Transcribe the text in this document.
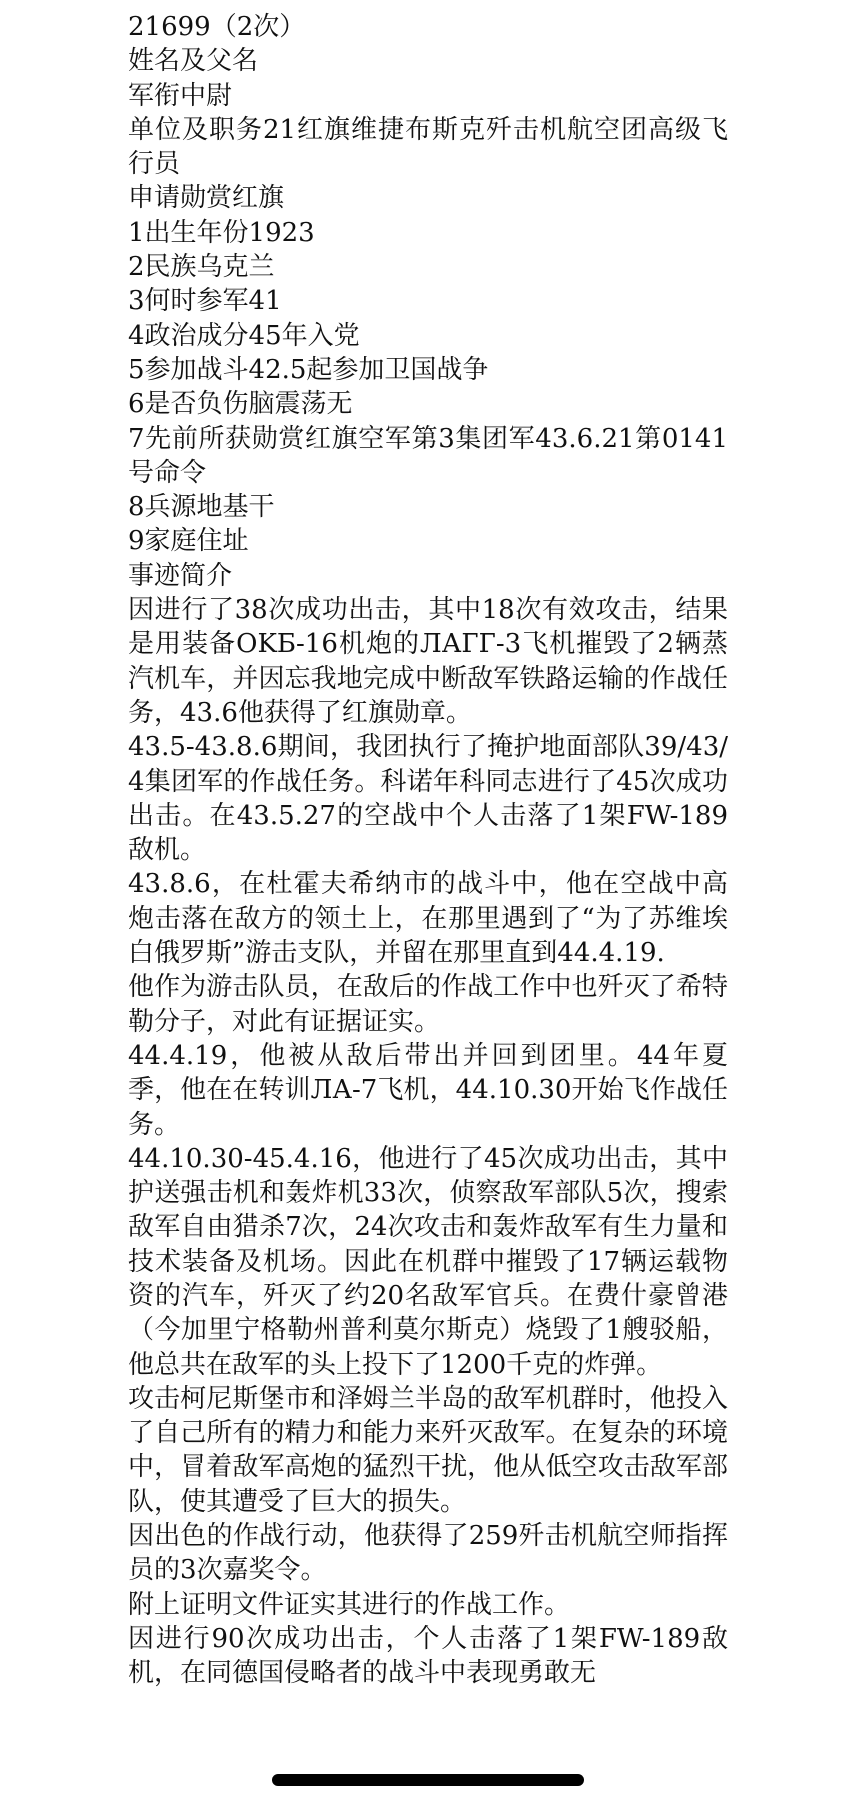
21699（2次）

姓名及父名

军衔中尉

单位及职务21红旗维捷布斯克歼击机航空团高级飞行员

申请勋赏红旗

1出生年份1923

2民族乌克兰

3何时参军41

4政治成分45年入党

5参加战斗42.5起参加卫国战争

6是否负伤脑震荡无

7先前所获勋赏红旗空军第3集团军43.6.21第0141号命令

8兵源地基干

9家庭住址

事迹简介

因进行了38次成功出击，其中18次有效攻击，结果是用装备OKБ-16机炮的ЛАГГ-3飞机摧毁了2辆蒸汽机车，并因忘我地完成中断敌军铁路运输的作战任务，43.6他获得了红旗勋章。

43.5-43.8.6期间，我团执行了掩护地面部队39/43/4集团军的作战任务。科诺年科同志进行了45次成功出击。在43.5.27的空战中个人击落了1架FW-189敌机。

43.8.6，在杜霍夫希纳市的战斗中，他在空战中高炮击落在敌方的领土上，在那里遇到了“为了苏维埃白俄罗斯”游击支队，并留在那里直到44.4.19.

他作为游击队员，在敌后的作战工作中也歼灭了希特勒分子，对此有证据证实。

44.4.19，他被从敌后带出并回到团里。44年夏季，他在在转训ЛА-7飞机，44.10.30开始飞作战任务。

44.10.30-45.4.16，他进行了45次成功出击，其中护送强击机和轰炸机33次，侦察敌军部队5次，搜索敌军自由猎杀7次，24次攻击和轰炸敌军有生力量和技术装备及机场。因此在机群中摧毁了17辆运载物资的汽车，歼灭了约20名敌军官兵。在费什豪曾港（今加里宁格勒州普利莫尔斯克）烧毁了1艘驳船，他总共在敌军的头上投下了1200千克的炸弹。

攻击柯尼斯堡市和泽姆兰半岛的敌军机群时，他投入了自己所有的精力和能力来歼灭敌军。在复杂的环境中，冒着敌军高炮的猛烈干扰，他从低空攻击敌军部队，使其遭受了巨大的损失。

因出色的作战行动，他获得了259歼击机航空师指挥员的3次嘉奖令。

附上证明文件证实其进行的作战工作。

因进行90次成功出击，个人击落了1架FW-189敌机，在同德国侵略者的战斗中表现勇敢无
